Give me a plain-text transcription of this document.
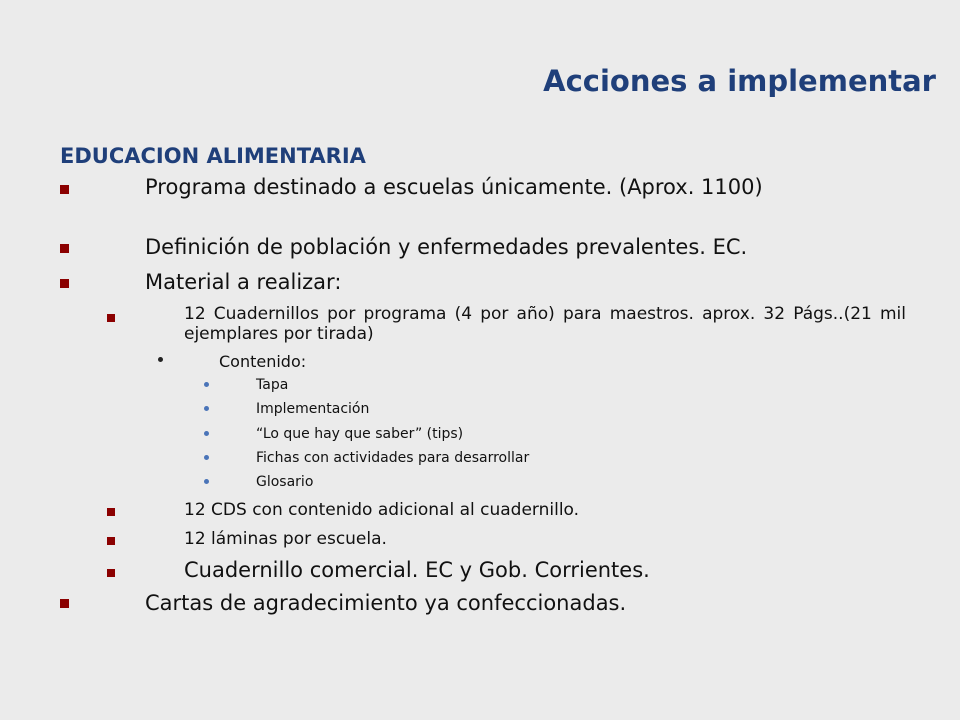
Acciones a implementar
EDUCACION ALIMENTARIA
Programa destinado a escuelas únicamente. (Aprox. 1100)
Definición de población y enfermedades prevalentes. EC.
Material a realizar:
12 Cuadernillos por programa (4 por año) para maestros. aprox. 32 Págs..(21 mil ejemplares por tirada)
Contenido:
Tapa
Implementación
“Lo que hay que saber” (tips)
Fichas con actividades para desarrollar
Glosario
12 CDS con contenido adicional al cuadernillo.
12 láminas por escuela.
Cuadernillo comercial. EC y Gob. Corrientes.
Cartas de agradecimiento ya confeccionadas.
